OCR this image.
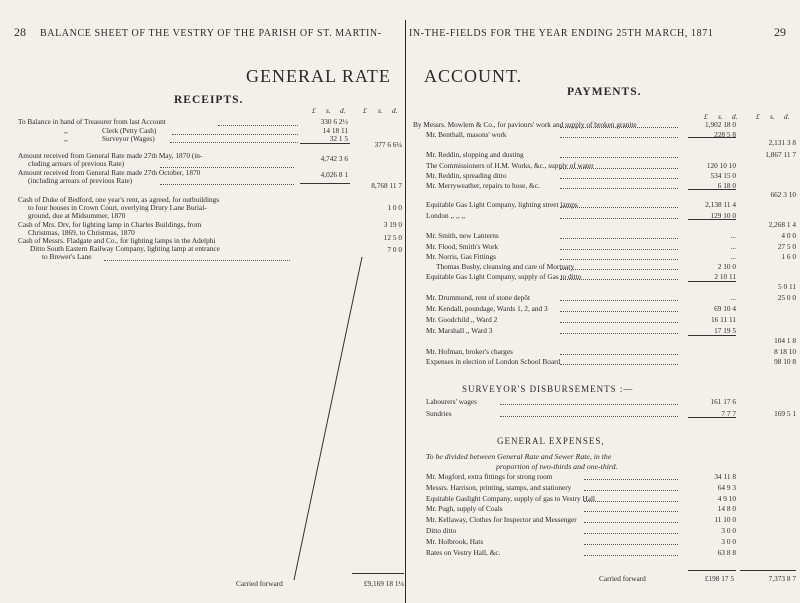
28 BALANCE SHEET OF THE VESTRY OF THE PARISH OF ST. MARTIN-	IN-THE-FIELDS FOR THE YEAR ENDING 25TH MARCH, 1871	29
GENERAL RATE ACCOUNT.
RECEIPTS.
£ s. d. £ s. d.
To Balance in hand of Treasurer from last Account	330 6 2½
,,	Clerk (Petty Cash)	14 18 11
,,	Surveyor (Wages)	32 1 5
377 6 6¼
Amount received from General Rate made 27th May, 1870 (in-
cluding arrears of previous Rate)
4,742 3 6
Amount received from General Rate made 27th October, 1870
(including arrears of previous Rate)
4,026 8 1
8,768 11 7
Cash of Duke of Bedford, one year's rent, as agreed, for outbuildings
to four houses in Crown Court, overlying Drury Lane Burial-
ground, due at Midsummer, 1870
1 0 0
Cash of Mrs. Drv, for lighting lamp in Charles Buildings, from
Christmas, 1869, to Christmas, 1870
3 19 0
Cash of Messrs. Fladgate and Co., for lighting lamps in the Adelphi	12 5 0
Ditto South Eastern Railway Company, lighting lamp at entrance
to Brewer's Lane
7 0 0
Carried forward	£9,169 18 1¼
PAYMENTS.
£ s. d.	£ s. d.
By Messrs. Mowlem & Co., for paviours' work and supply of broken granite	1,902 18 0
Mr. Benthall, masons' work	228 5 8
2,131 3 8
Mr. Reddin, slopping and dusting	1,867 11 7
The Commissioners of H.M. Works, &c., supply of water	120 10 10
Mr. Reddin, spreading ditto	534 15 0
Mr. Merryweather, repairs to hose, &c.	6 18 0
662 3 10
Equitable Gas Light Company, lighting street lamps	2,138 11 4
London ,, ,, ,,	129 10 0
2,268 1 4
Mr. Smith, new Lanterns	...	4 0 0
Mr. Flood, Smith's Work	...	27 5 0
Mr. Norris, Gas Fittings	...	1 6 0
Thomas Busby, cleansing and care of Mortuary	2 10 0
Equitable Gas Light Company, supply of Gas to ditto	2 10 11
5 0 11
Mr. Drummond, rent of stone depôt	...	25 0 0
Mr. Kendall, poundage, Wards 1, 2, and 3	69 10 4
Mr. Goodchild ,, Ward 2	16 11 11
Mr. Marshall ,, Ward 3	17 19 5
104 1 8
Mr. Hofman, broker's charges	8 18 10
Expenses in election of London School Board	98 10 8
SURVEYOR'S DISBURSEMENTS :—
Labourers' wages	161 17 6
Sundries	7 7 7	169 5 1
GENERAL EXPENSES,
To be divided between General Rate and Sewer Rate, in the
proportion of two-thirds and one-third.
Mr. Mogford, extra fittings for strong room	34 11 8
Messrs. Harrison, printing, stamps, and stationery	64 9 3
Equitable Gaslight Company, supply of gas to Vestry Hall	4 9 10
Mr. Pugh, supply of Coals	14 8 0
Mr. Kellaway, Clothes for Inspector and Messenger	11 10 0
Ditto ditto	3 0 0
Mr. Holbrook, Hats	3 0 0
Rates on Vestry Hall, &c.	63 8 8
Carried forward	£198 17 5	7,373 8 7
